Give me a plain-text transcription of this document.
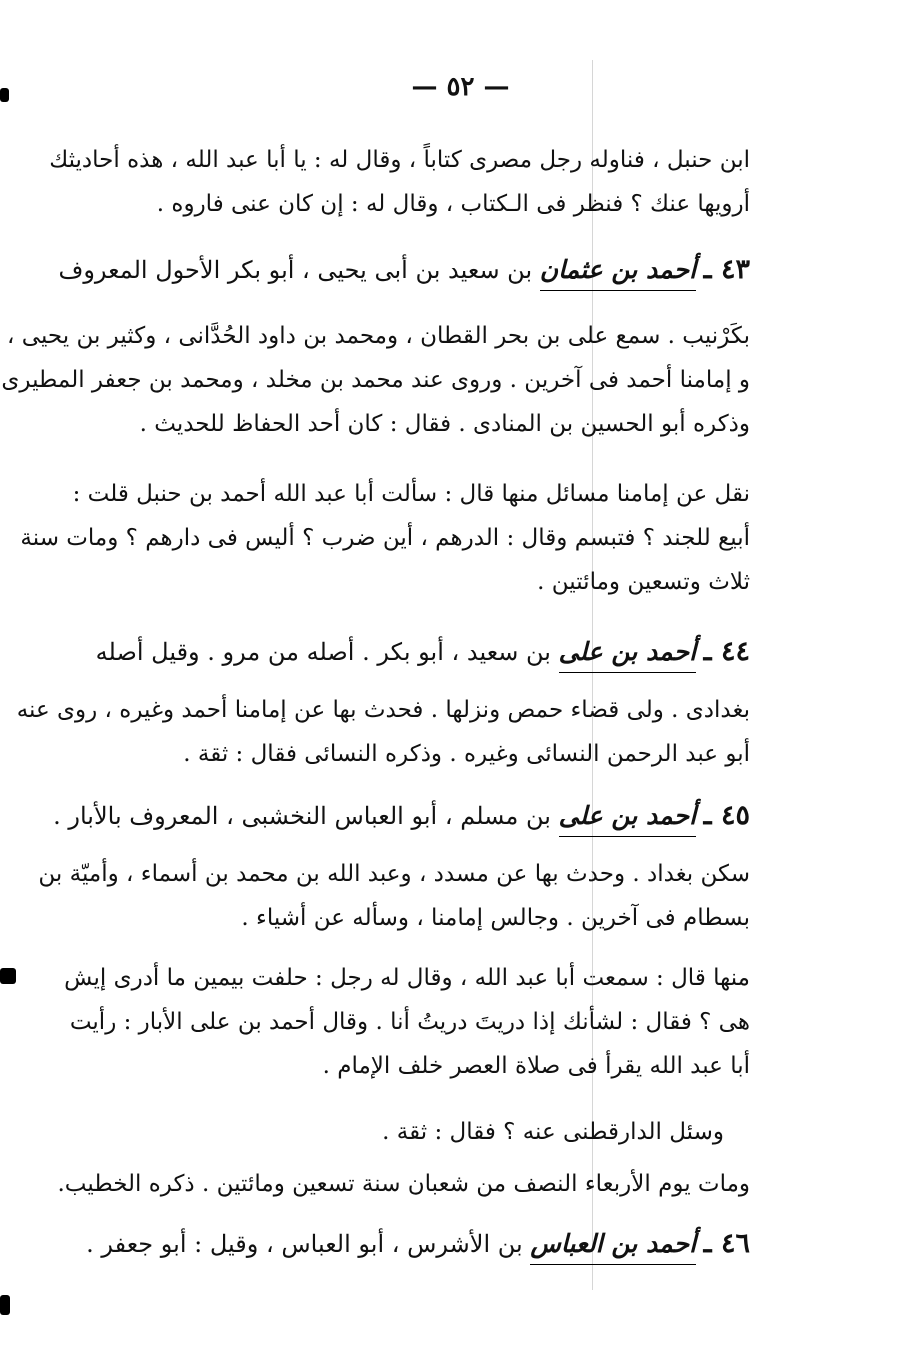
— ٥٢ —
ابن حنبل ، فناوله رجل مصرى كتاباً ، وقال له : يا أبا عبد الله ، هذه أحاديثك
أرويها عنك ؟ فنظر فى الـكتاب ، وقال له : إن كان عنى فاروه .
٤٣ ـ أحمد بن عثمان بن سعيد بن أبى يحيى ، أبو بكر الأحول المعروف
بكَرْنيب . سمع على بن بحر القطان ، ومحمد بن داود الحُدَّانى ، وكثير بن يحيى ،
و إمامنا أحمد فى آخرين . وروى عند محمد بن مخلد ، ومحمد بن جعفر المطيرى
وذكره أبو الحسين بن المنادى . فقال : كان أحد الحفاظ للحديث .
نقل عن إمامنا مسائل منها قال : سألت أبا عبد الله أحمد بن حنبل قلت :
أبيع للجند ؟ فتبسم وقال : الدرهم ، أين ضرب ؟ أليس فى دارهم ؟ ومات سنة
ثلاث وتسعين ومائتين .
٤٤ ـ أحمد بن على بن سعيد ، أبو بكر . أصله من مرو . وقيل أصله
بغدادى . ولى قضاء حمص ونزلها . فحدث بها عن إمامنا أحمد وغيره ، روى عنه
أبو عبد الرحمن النسائى وغيره . وذكره النسائى فقال : ثقة .
٤٥ ـ أحمد بن على بن مسلم ، أبو العباس النخشبى ، المعروف بالأبار .
سكن بغداد . وحدث بها عن مسدد ، وعبد الله بن محمد بن أسماء ، وأميّة بن
بسطام فى آخرين . وجالس إمامنا ، وسأله عن أشياء .
منها قال : سمعت أبا عبد الله ، وقال له رجل : حلفت بيمين ما أدرى إيش
هى ؟ فقال : لشأنك إذا دريتَ دريتُ أنا . وقال أحمد بن على الأبار : رأيت
أبا عبد الله يقرأ فى صلاة العصر خلف الإمام .
وسئل الدارقطنى عنه ؟ فقال : ثقة .
ومات يوم الأربعاء النصف من شعبان سنة تسعين ومائتين . ذكره الخطيب.
٤٦ ـ أحمد بن العباس بن الأشرس ، أبو العباس ، وقيل : أبو جعفر .
